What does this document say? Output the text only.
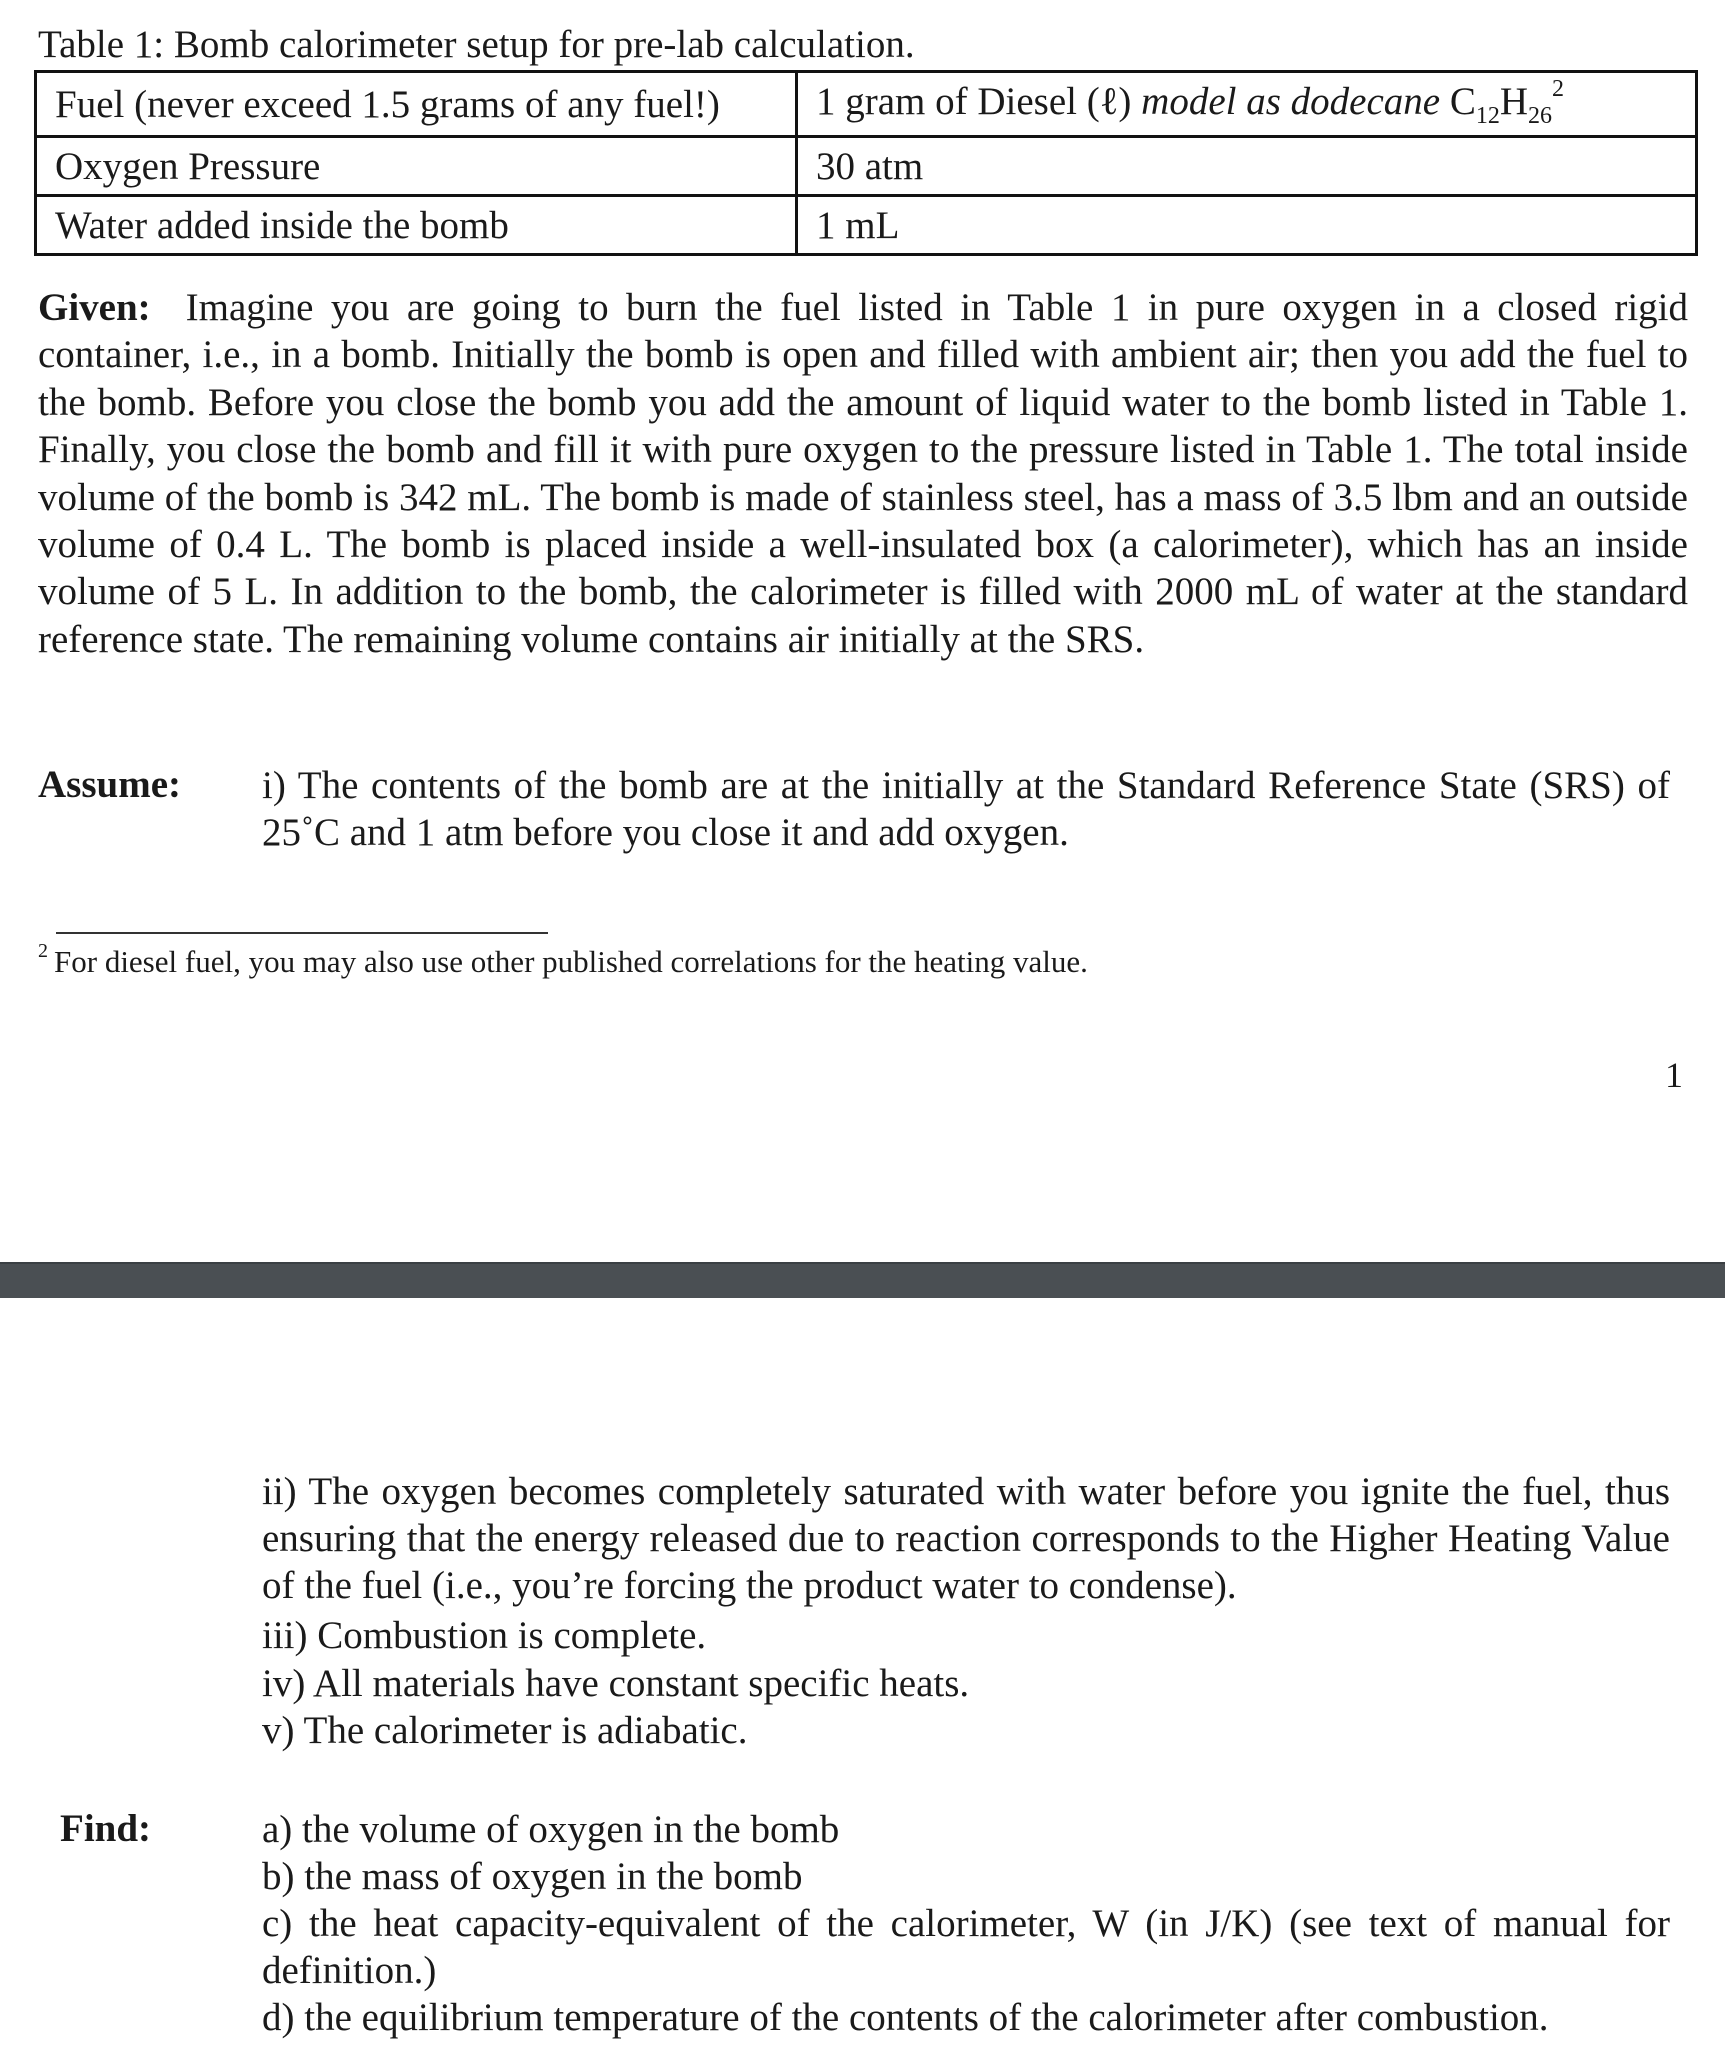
Table 1: Bomb calorimeter setup for pre-lab calculation.
Fuel (never exceed 1.5 grams of any fuel!)	1 gram of Diesel (ℓ) model as dodecane $C_{12}H_{26}^2$
Oxygen Pressure	30 atm
Water added inside the bomb	1 mL
Given: Imagine you are going to burn the fuel listed in Table 1 in pure oxygen in a closed rigid container, i.e., in a bomb. Initially the bomb is open and filled with ambient air; then you add the fuel to the bomb. Before you close the bomb you add the amount of liquid water to the bomb listed in Table 1. Finally, you close the bomb and fill it with pure oxygen to the pressure listed in Table 1. The total inside volume of the bomb is 342 mL. The bomb is made of stainless steel, has a mass of 3.5 lbm and an outside volume of 0.4 L. The bomb is placed inside a well-insulated box (a calorimeter), which has an inside volume of 5 L. In addition to the bomb, the calorimeter is filled with 2000 mL of water at the standard reference state. The remaining volume contains air initially at the SRS.
Assume: i) The contents of the bomb are at the initially at the Standard Reference State (SRS) of 25˚C and 1 atm before you close it and add oxygen.
$^2$ For diesel fuel, you may also use other published correlations for the heating value.
1
ii) The oxygen becomes completely saturated with water before you ignite the fuel, thus ensuring that the energy released due to reaction corresponds to the Higher Heating Value of the fuel (i.e., you’re forcing the product water to condense).
iii) Combustion is complete.
iv) All materials have constant specific heats.
v) The calorimeter is adiabatic.
Find:	a) the volume of oxygen in the bomb
b) the mass of oxygen in the bomb
c) the heat capacity-equivalent of the calorimeter, W (in J/K) (see text of manual for definition.)
d) the equilibrium temperature of the contents of the calorimeter after combustion.
